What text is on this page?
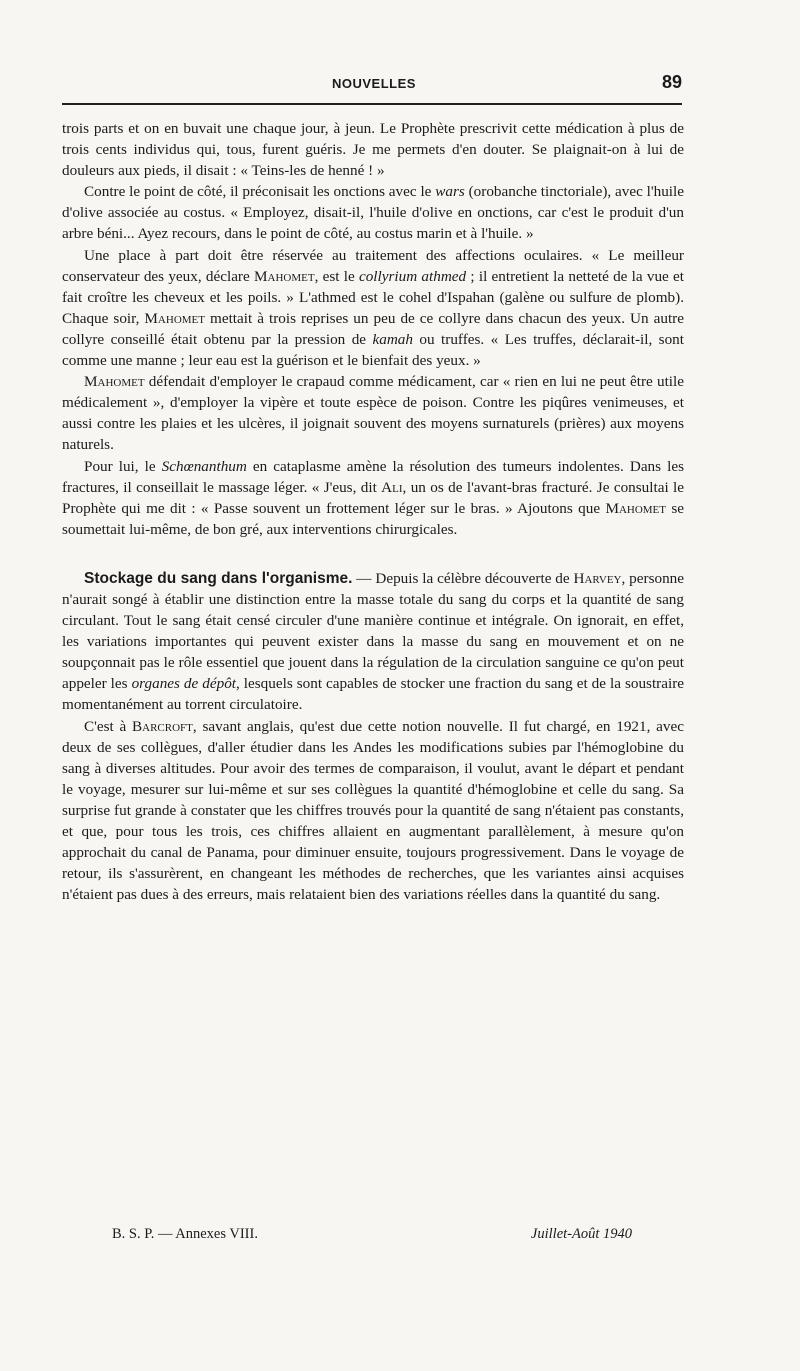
NOUVELLES	89

trois parts et on en buvait une chaque jour, à jeun. Le Prophète prescrivit cette médication à plus de trois cents individus qui, tous, furent guéris. Je me permets d'en douter. Se plaignait-on à lui de douleurs aux pieds, il disait : « Teins-les de henné ! »

Contre le point de côté, il préconisait les onctions avec le wars (orobanche tinctoriale), avec l'huile d'olive associée au costus. « Employez, disait-il, l'huile d'olive en onctions, car c'est le produit d'un arbre béni... Ayez recours, dans le point de côté, au costus marin et à l'huile. »

Une place à part doit être réservée au traitement des affections oculaires. « Le meilleur conservateur des yeux, déclare Mahomet, est le collyrium athmed ; il entretient la netteté de la vue et fait croître les cheveux et les poils. » L'athmed est le cohel d'Ispahan (galène ou sulfure de plomb). Chaque soir, Mahomet mettait à trois reprises un peu de ce collyre dans chacun des yeux. Un autre collyre conseillé était obtenu par la pression de kamah ou truffes. « Les truffes, déclarait-il, sont comme une manne ; leur eau est la guérison et le bienfait des yeux. »

Mahomet défendait d'employer le crapaud comme médicament, car « rien en lui ne peut être utile médicalement », d'employer la vipère et toute espèce de poison. Contre les piqûres venimeuses, et aussi contre les plaies et les ulcères, il joignait souvent des moyens surnaturels (prières) aux moyens naturels.

Pour lui, le Schœnanthum en cataplasme amène la résolution des tumeurs indolentes. Dans les fractures, il conseillait le massage léger. « J'eus, dit Ali, un os de l'avant-bras fracturé. Je consultai le Prophète qui me dit : « Passe souvent un frottement léger sur le bras. » Ajoutons que Mahomet se soumettait lui-même, de bon gré, aux interventions chirurgicales.

Stockage du sang dans l'organisme. — Depuis la célèbre découverte de Harvey, personne n'aurait songé à établir une distinction entre la masse totale du sang du corps et la quantité de sang circulant. Tout le sang était censé circuler d'une manière continue et intégrale. On ignorait, en effet, les variations importantes qui peuvent exister dans la masse du sang en mouvement et on ne soupçonnait pas le rôle essentiel que jouent dans la régulation de la circulation sanguine ce qu'on peut appeler les organes de dépôt, lesquels sont capables de stocker une fraction du sang et de la soustraire momentanément au torrent circulatoire.

C'est à Barcroft, savant anglais, qu'est due cette notion nouvelle. Il fut chargé, en 1921, avec deux de ses collègues, d'aller étudier dans les Andes les modifications subies par l'hémoglobine du sang à diverses altitudes. Pour avoir des termes de comparaison, il voulut, avant le départ et pendant le voyage, mesurer sur lui-même et sur ses collègues la quantité d'hémoglobine et celle du sang. Sa surprise fut grande à constater que les chiffres trouvés pour la quantité de sang n'étaient pas constants, et que, pour tous les trois, ces chiffres allaient en augmentant parallèlement, à mesure qu'on approchait du canal de Panama, pour diminuer ensuite, toujours progressivement. Dans le voyage de retour, ils s'assurèrent, en changeant les méthodes de recherches, que les variantes ainsi acquises n'étaient pas dues à des erreurs, mais relataient bien des variations réelles dans la quantité du sang.

B. S. P. — Annexes VIII.	Juillet-Août 1940
